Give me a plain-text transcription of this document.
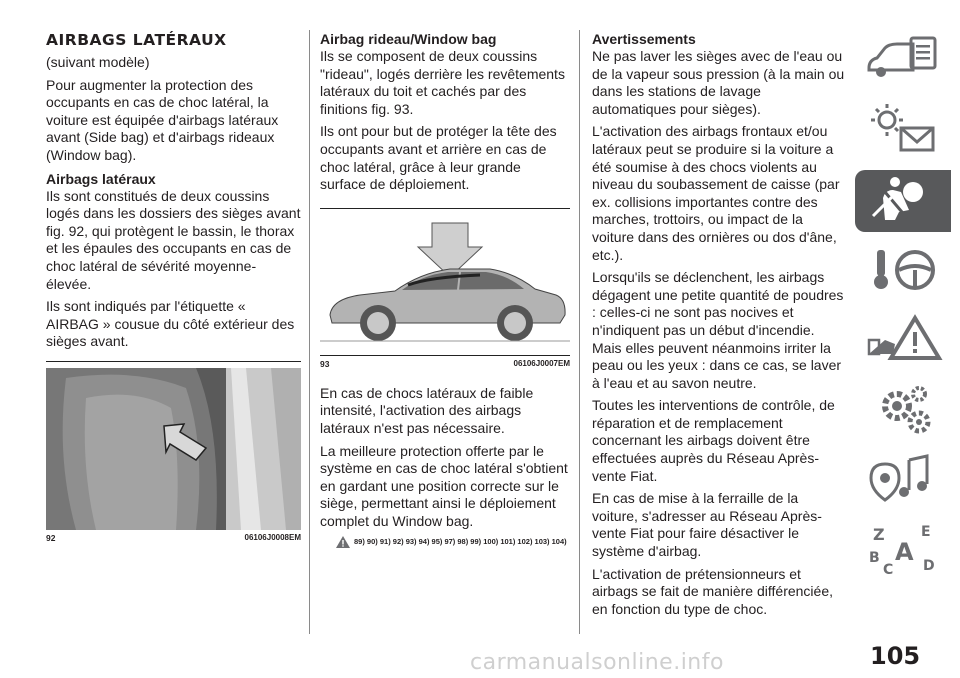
AIRBAGS LATÉRAUX

(suivant modèle)

Pour augmenter la protection des occupants en cas de choc latéral, la voiture est équipée d'airbags latéraux avant (Side bag) et d'airbags rideaux (Window bag).

Airbags latéraux

Ils sont constitués de deux coussins logés dans les dossiers des sièges avant fig. 92, qui protègent le bassin, le thorax et les épaules des occupants en cas de choc latéral de sévérité moyenne-élevée.

Ils sont indiqués par l'étiquette « AIRBAG » cousue du côté extérieur des sièges avant.

92	06106J0008EM
Airbag rideau/Window bag

Ils se composent de deux coussins "rideau", logés derrière les revêtements latéraux du toit et cachés par des finitions fig. 93.

Ils ont pour but de protéger la tête des occupants avant et arrière en cas de choc latéral, grâce à leur grande surface de déploiement.

93	06106J0007EM

En cas de chocs latéraux de faible intensité, l'activation des airbags latéraux n'est pas nécessaire.

La meilleure protection offerte par le système en cas de choc latéral s'obtient en gardant une position correcte sur le siège, permettant ainsi le déploiement complet du Window bag.

89) 90) 91) 92) 93) 94) 95) 97) 98) 99) 100) 101) 102) 103) 104)
Avertissements

Ne pas laver les sièges avec de l'eau ou de la vapeur sous pression (à la main ou dans les stations de lavage automatiques pour sièges).

L'activation des airbags frontaux et/ou latéraux peut se produire si la voiture a été soumise à des chocs violents au niveau du soubassement de caisse (par ex. collisions importantes contre des marches, trottoirs, ou impact de la voiture dans des ornières ou dos d'âne, etc.).

Lorsqu'ils se déclenchent, les airbags dégagent une petite quantité de poudres : celles-ci ne sont pas nocives et n'indiquent pas un début d'incendie. Mais elles peuvent néanmoins irriter la peau ou les yeux : dans ce cas, se laver à l'eau et au savon neutre.

Toutes les interventions de contrôle, de réparation et de remplacement concernant les airbags doivent être effectuées auprès du Réseau Après-vente Fiat.

En cas de mise à la ferraille de la voiture, s'adresser au Réseau Après-vente Fiat pour faire désactiver le système d'airbag.

L'activation de prétensionneurs et airbags se fait de manière différenciée, en fonction du type de choc.

Z	E
A
B
C D
carmanualsonline.info	105
